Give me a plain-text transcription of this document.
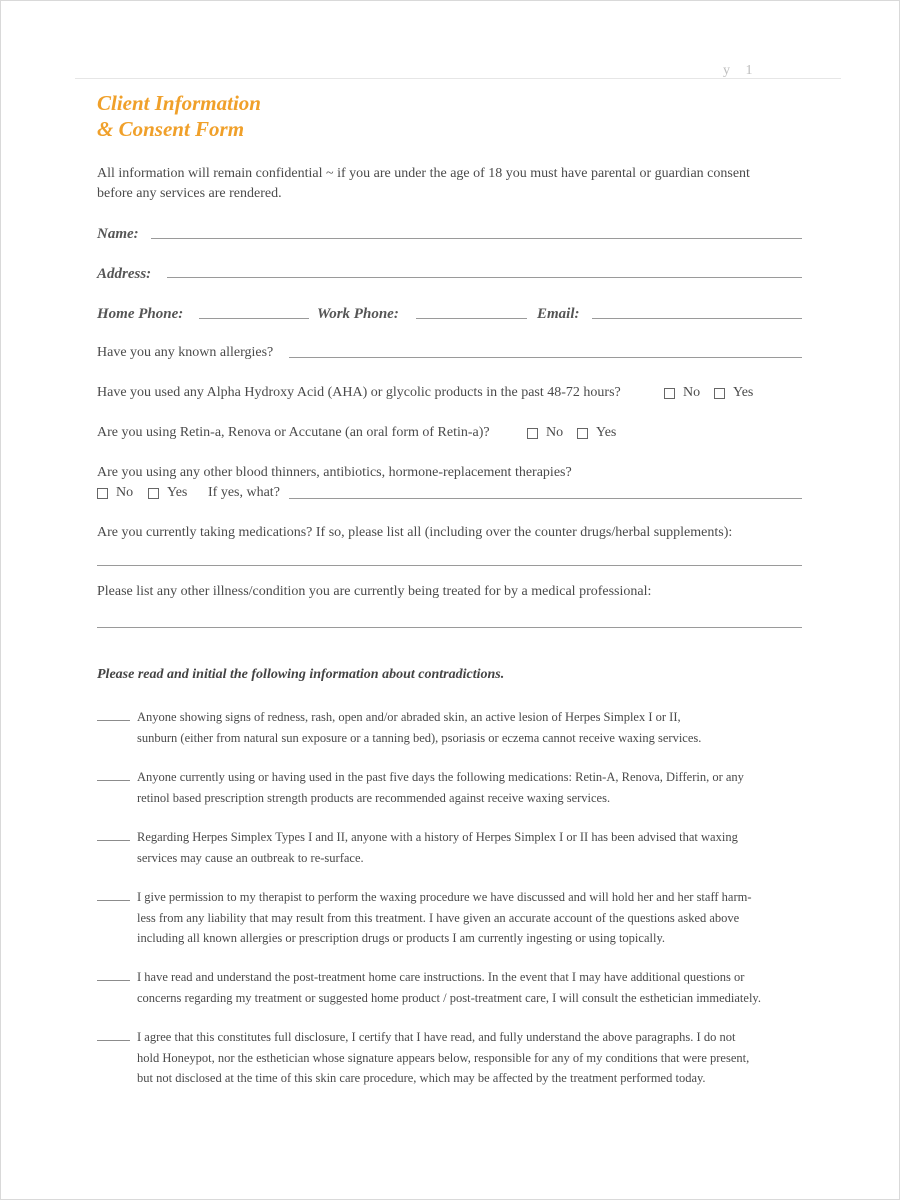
y 1
Client Information
& Consent Form
All information will remain confidential ~ if you are under the age of 18 you must have parental or guardian consent
before any services are rendered.
Name:
Address:
Home Phone:	Work Phone:	Email:
Have you any known allergies?
Have you used any Alpha Hydroxy Acid (AHA) or glycolic products in the past 48-72 hours?	No Yes
Are you using Retin-a, Renova or Accutane (an oral form of Retin-a)?	No Yes
Are you using any other blood thinners, antibiotics, hormone-replacement therapies?
No Yes If yes, what?
Are you currently taking medications? If so, please list all (including over the counter drugs/herbal supplements):
Please list any other illness/condition you are currently being treated for by a medical professional:
Please read and initial the following information about contradictions.
Anyone showing signs of redness, rash, open and/or abraded skin, an active lesion of Herpes Simplex I or II,
sunburn (either from natural sun exposure or a tanning bed), psoriasis or eczema cannot receive waxing services.
Anyone currently using or having used in the past five days the following medications: Retin-A, Renova, Differin, or any
retinol based prescription strength products are recommended against receive waxing services.
Regarding Herpes Simplex Types I and II, anyone with a history of Herpes Simplex I or II has been advised that waxing
services may cause an outbreak to re-surface.
I give permission to my therapist to perform the waxing procedure we have discussed and will hold her and her staff harm-
less from any liability that may result from this treatment. I have given an accurate account of the questions asked above
including all known allergies or prescription drugs or products I am currently ingesting or using topically.
I have read and understand the post-treatment home care instructions. In the event that I may have additional questions or
concerns regarding my treatment or suggested home product / post-treatment care, I will consult the esthetician immediately.
I agree that this constitutes full disclosure, I certify that I have read, and fully understand the above paragraphs. I do not
hold Honeypot, nor the esthetician whose signature appears below, responsible for any of my conditions that were present,
but not disclosed at the time of this skin care procedure, which may be affected by the treatment performed today.
